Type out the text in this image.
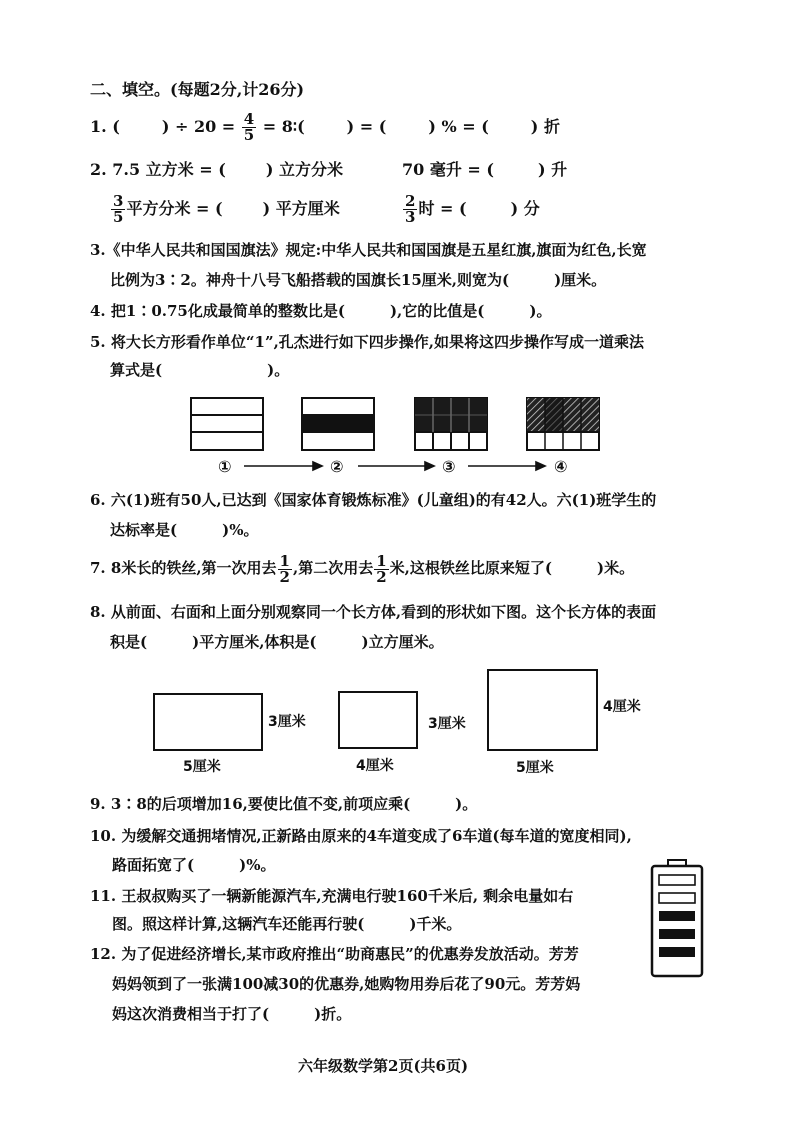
二、填空。(每题2分,计26分)
1. (	) ÷ $20 = \frac{4}{5}$ = 8∶(	) = (	) % = (	) 折
2. 7.5 立方米 = (	) 立方分米	70 毫升 = (	) 升
$\frac{3}{5}$ 平方分米 = (	) 平方厘米	$\frac{2}{3}$ 时 = (	) 分
3.《中华人民共和国国旗法》规定:中华人民共和国国旗是五星红旗,旗面为红色,长宽
比例为3∶2。神舟十八号飞船搭载的国旗长15厘米,则宽为(　　　)厘米。
4. 把1∶0.75化成最简单的整数比是(　　　),它的比值是(　　　)。
5. 将大长方形看作单位“1”,孔杰进行如下四步操作,如果将这四步操作写成一道乘法
算式是(　　　　　　　)。
①	②	③	④
3厘米
5厘米
3厘米
4厘米
4厘米
5厘米
6. 六(1)班有50人,已达到《国家体育锻炼标准》(儿童组)的有42人。六(1)班学生的
达标率是(　　　)%。
7. 8米长的铁丝,第一次用去 $\frac{1}{2}$ ,第二次用去 $\frac{1}{2}$ 米,这根铁丝比原来短了(　　　)米。
8. 从前面、右面和上面分别观察同一个长方体,看到的形状如下图。这个长方体的表面
积是(　　　)平方厘米,体积是(　　　)立方厘米。
9. 3∶8的后项增加16,要使比值不变,前项应乘(　　　)。
10. 为缓解交通拥堵情况,正新路由原来的4车道变成了6车道(每车道的宽度相同),
路面拓宽了(　　　)%。
11. 王叔叔购买了一辆新能源汽车,充满电行驶160千米后, 剩余电量如右
图。照这样计算,这辆汽车还能再行驶(　　　)千米。
12. 为了促进经济增长,某市政府推出“助商惠民”的优惠券发放活动。芳芳
妈妈领到了一张满100减30的优惠券,她购物用券后花了90元。芳芳妈
妈这次消费相当于打了(　　　)折。
六年级数学第2页(共6页)
